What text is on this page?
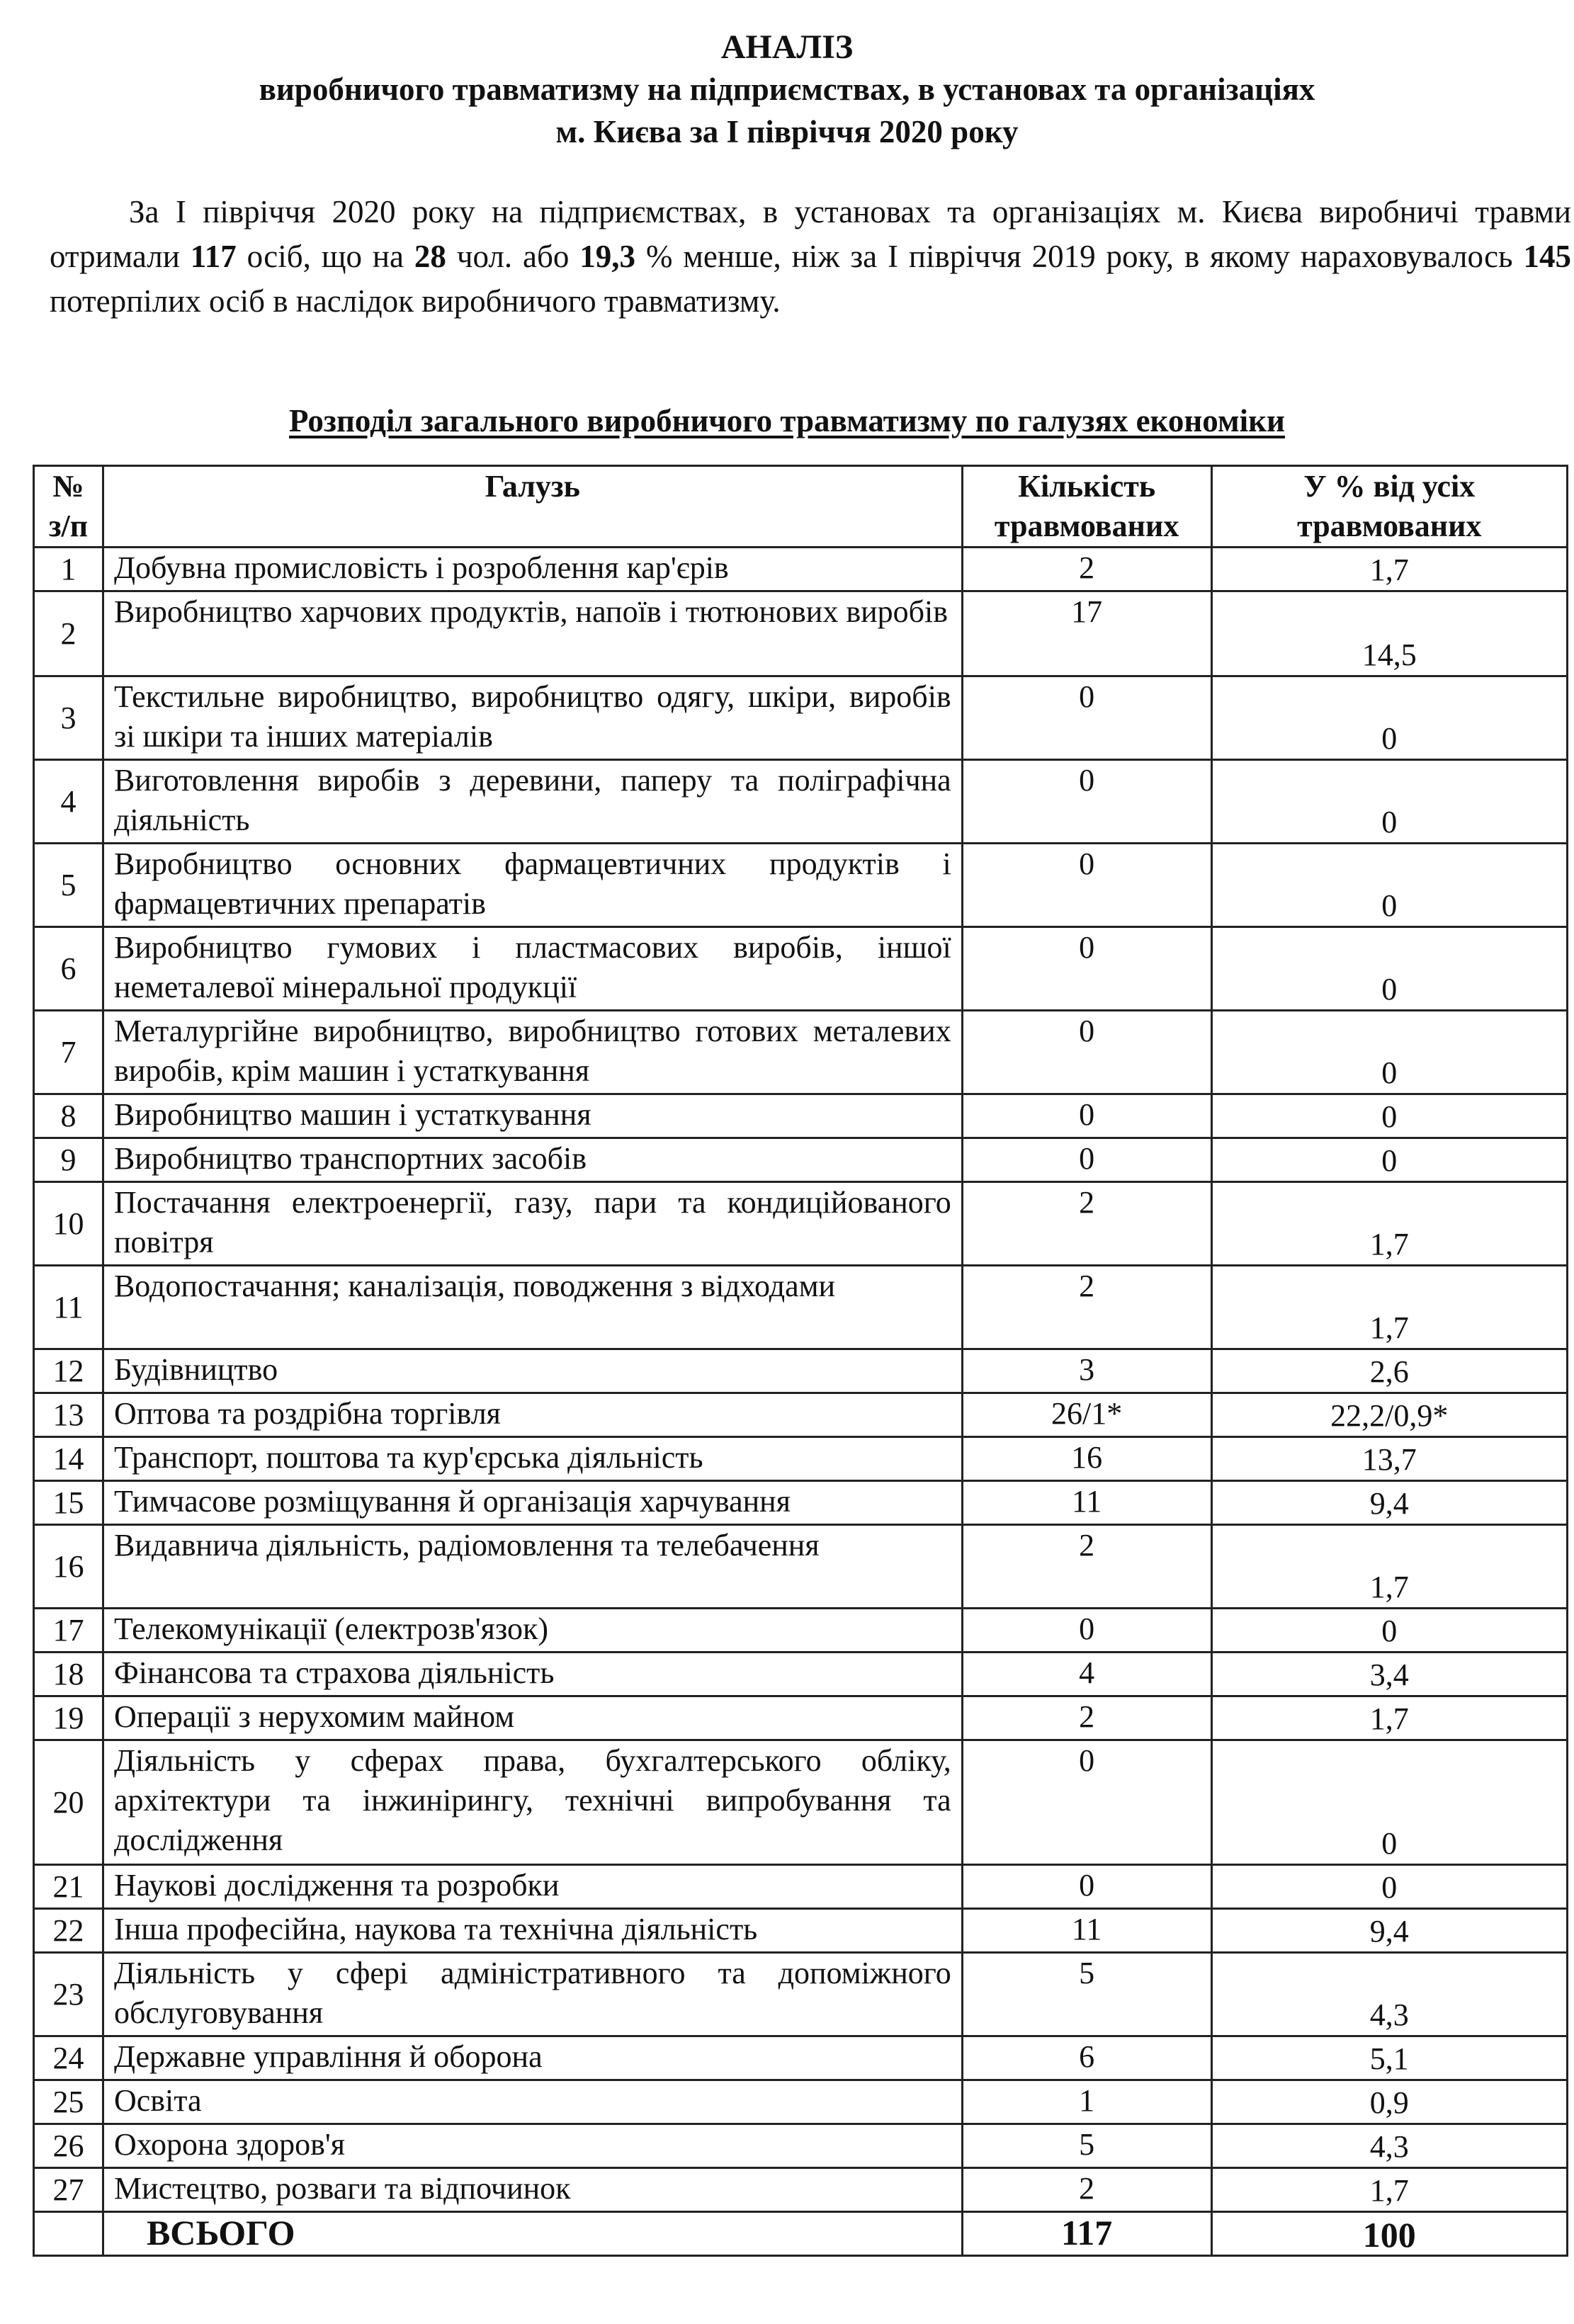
АНАЛІЗ
виробничого травматизму на підприємствах, в установах та організаціях
м. Києва за І півріччя 2020 року

За І півріччя 2020 року на підприємствах, в установах та організаціях м. Києва виробничі травми отримали 117 осіб, що на 28 чол. або 19,3 % менше, ніж за І півріччя 2019 року, в якому нараховувалось 145 потерпілих осіб в наслідок виробничого травматизму.

Розподіл загального виробничого травматизму по галузях економіки
№ з/п	Галузь	Кількість травмованих	У % від усіх травмованих
1	Добувна промисловість і розроблення кар'єрів	2	1,7
2	Виробництво харчових продуктів, напоїв і тютюнових виробів	17	14,5
3	Текстильне виробництво, виробництво одягу, шкіри, виробів зі шкіри та інших матеріалів	0	0
4	Виготовлення виробів з деревини, паперу та поліграфічна діяльність	0	0
5	Виробництво основних фармацевтичних продуктів і фармацевтичних препаратів	0	0
6	Виробництво гумових і пластмасових виробів, іншої неметалевої мінеральної продукції	0	0
7	Металургійне виробництво, виробництво готових металевих виробів, крім машин і устаткування	0	0
8	Виробництво машин і устаткування	0	0
9	Виробництво транспортних засобів	0	0
10	Постачання електроенергії, газу, пари та кондиційованого повітря	2	1,7
11	Водопостачання; каналізація, поводження з відходами	2	1,7
12	Будівництво	3	2,6
13	Оптова та роздрібна торгівля	26/1*	22,2/0,9*
14	Транспорт, поштова та кур'єрська діяльність	16	13,7
15	Тимчасове розміщування й організація харчування	11	9,4
16	Видавнича діяльність, радіомовлення та телебачення	2	1,7
17	Телекомунікації (електрозв'язок)	0	0
18	Фінансова та страхова діяльність	4	3,4
19	Операції з нерухомим майном	2	1,7
20	Діяльність у сферах права, бухгалтерського обліку, архітектури та інжинірингу, технічні випробування та дослідження	0	0
21	Наукові дослідження та розробки	0	0
22	Інша професійна, наукова та технічна діяльність	11	9,4
23	Діяльність у сфері адміністративного та допоміжного обслуговування	5	4,3
24	Державне управління й оборона	6	5,1
25	Освіта	1	0,9
26	Охорона здоров'я	5	4,3
27	Мистецтво, розваги та відпочинок	2	1,7
	ВСЬОГО	117	100
